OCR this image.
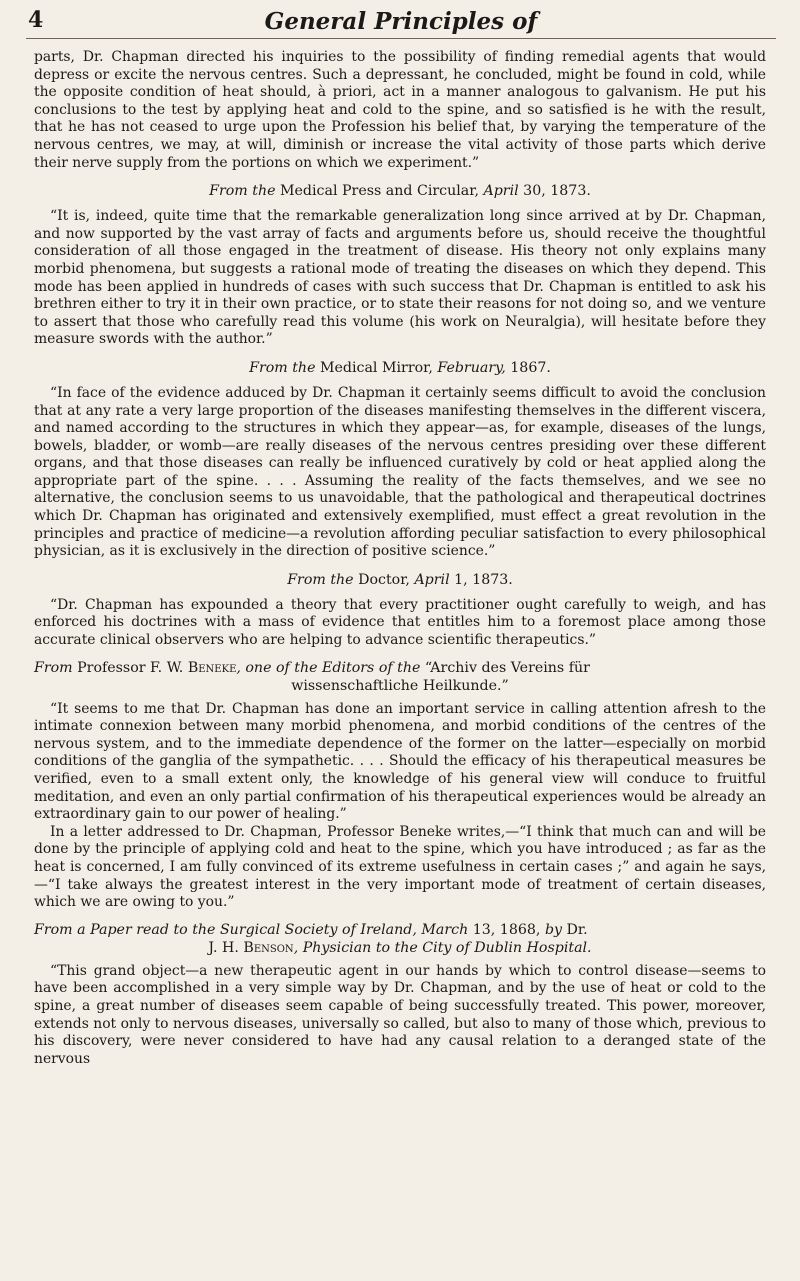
4	General Principles of

parts, Dr. Chapman directed his inquiries to the possibility of finding remedial agents that would depress or excite the nervous centres. Such a depressant, he concluded, might be found in cold, while the opposite condition of heat should, à priori, act in a manner analogous to galvanism. He put his conclusions to the test by applying heat and cold to the spine, and so satisfied is he with the result, that he has not ceased to urge upon the Profession his belief that, by varying the temperature of the nervous centres, we may, at will, diminish or increase the vital activity of those parts which derive their nerve supply from the portions on which we experiment.”

From the Medical Press and Circular, April 30, 1873.

“It is, indeed, quite time that the remarkable generalization long since arrived at by Dr. Chapman, and now supported by the vast array of facts and arguments before us, should receive the thoughtful consideration of all those engaged in the treatment of disease. His theory not only explains many morbid phenomena, but suggests a rational mode of treating the diseases on which they depend. This mode has been applied in hundreds of cases with such success that Dr. Chapman is entitled to ask his brethren either to try it in their own practice, or to state their reasons for not doing so, and we venture to assert that those who carefully read this volume (his work on Neuralgia), will hesitate before they measure swords with the author.”

From the Medical Mirror, February, 1867.

“In face of the evidence adduced by Dr. Chapman it certainly seems difficult to avoid the conclusion that at any rate a very large proportion of the diseases manifesting themselves in the different viscera, and named according to the structures in which they appear—as, for example, diseases of the lungs, bowels, bladder, or womb—are really diseases of the nervous centres presiding over these different organs, and that those diseases can really be influenced curatively by cold or heat applied along the appropriate part of the spine. . . . Assuming the reality of the facts themselves, and we see no alternative, the conclusion seems to us unavoidable, that the pathological and therapeutical doctrines which Dr. Chapman has originated and extensively exemplified, must effect a great revolution in the principles and practice of medicine—a revolution affording peculiar satisfaction to every philosophical physician, as it is exclusively in the direction of positive science.”

From the Doctor, April 1, 1873.

“Dr. Chapman has expounded a theory that every practitioner ought carefully to weigh, and has enforced his doctrines with a mass of evidence that entitles him to a foremost place among those accurate clinical observers who are helping to advance scientific therapeutics.”

From Professor F. W. Beneke, one of the Editors of the “Archiv des Vereins für
wissenschaftliche Heilkunde.”

“It seems to me that Dr. Chapman has done an important service in calling attention afresh to the intimate connexion between many morbid phenomena, and morbid conditions of the centres of the nervous system, and to the immediate dependence of the former on the latter—especially on morbid conditions of the ganglia of the sympathetic. . . . Should the efficacy of his therapeutical measures be verified, even to a small extent only, the knowledge of his general view will conduce to fruitful meditation, and even an only partial confirmation of his therapeutical experiences would be already an extraordinary gain to our power of healing.”

In a letter addressed to Dr. Chapman, Professor Beneke writes,—“I think that much can and will be done by the principle of applying cold and heat to the spine, which you have introduced ; as far as the heat is concerned, I am fully convinced of its extreme usefulness in certain cases ;” and again he says,—“I take always the greatest interest in the very important mode of treatment of certain diseases, which we are owing to you.”

From a Paper read to the Surgical Society of Ireland, March 13, 1868, by Dr.
J. H. Benson, Physician to the City of Dublin Hospital.

“This grand object—a new therapeutic agent in our hands by which to control disease—seems to have been accomplished in a very simple way by Dr. Chapman, and by the use of heat or cold to the spine, a great number of diseases seem capable of being successfully treated. This power, moreover, extends not only to nervous diseases, universally so called, but also to many of those which, previous to his discovery, were never considered to have had any causal relation to a deranged state of the nervous
